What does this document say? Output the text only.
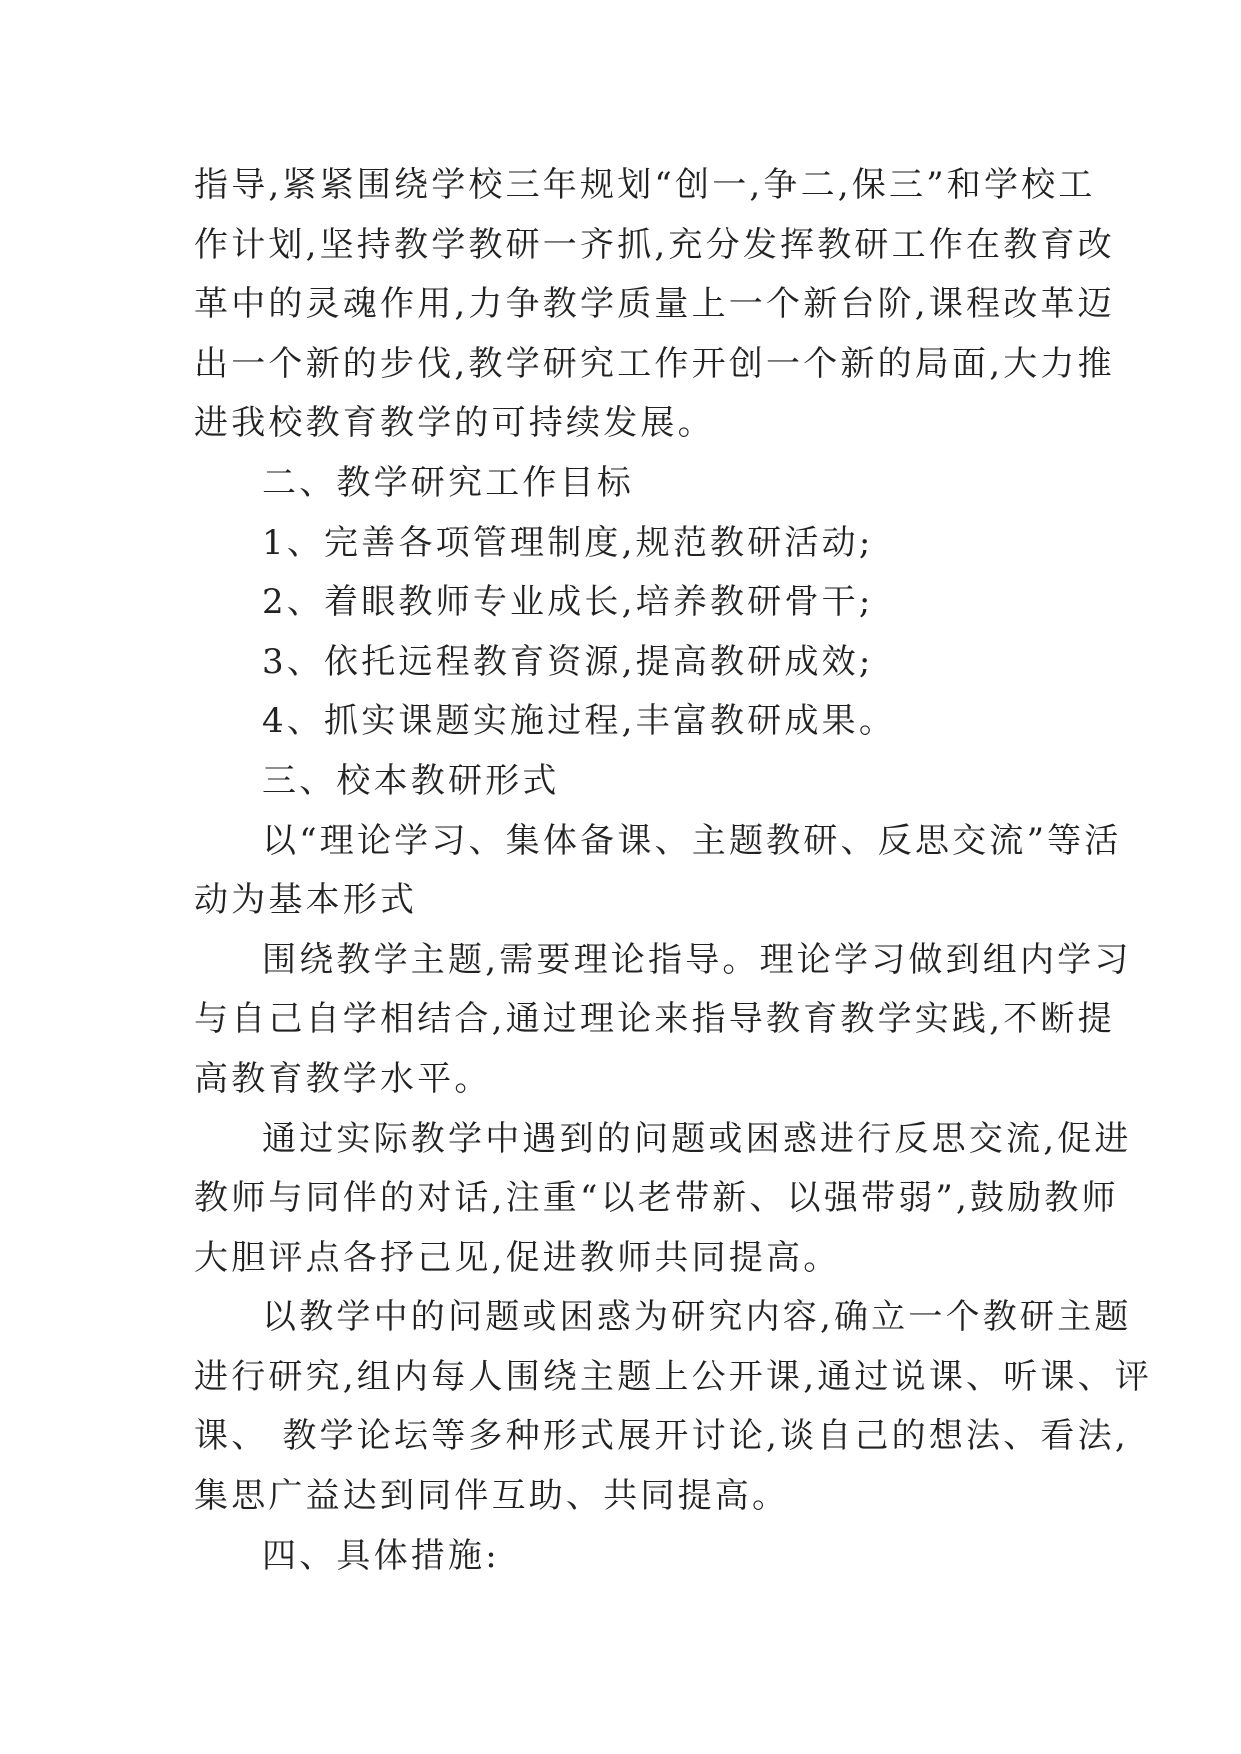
指导,紧紧围绕学校三年规划“创一,争二,保三”和学校工
作计划,坚持教学教研一齐抓,充分发挥教研工作在教育改
革中的灵魂作用,力争教学质量上一个新台阶,课程改革迈
出一个新的步伐,教学研究工作开创一个新的局面,大力推
进我校教育教学的可持续发展。
二、教学研究工作目标
1、完善各项管理制度,规范教研活动;
2、着眼教师专业成长,培养教研骨干;
3、依托远程教育资源,提高教研成效;
4、抓实课题实施过程,丰富教研成果。
三、校本教研形式
以“理论学习、集体备课、主题教研、反思交流”等活
动为基本形式
围绕教学主题,需要理论指导。理论学习做到组内学习
与自己自学相结合,通过理论来指导教育教学实践,不断提
高教育教学水平。
通过实际教学中遇到的问题或困惑进行反思交流,促进
教师与同伴的对话,注重“以老带新、以强带弱”,鼓励教师
大胆评点各抒己见,促进教师共同提高。
以教学中的问题或困惑为研究内容,确立一个教研主题
进行研究,组内每人围绕主题上公开课,通过说课、听课、评
课、 教学论坛等多种形式展开讨论,谈自己的想法、看法,
集思广益达到同伴互助、共同提高。
四、具体措施:
